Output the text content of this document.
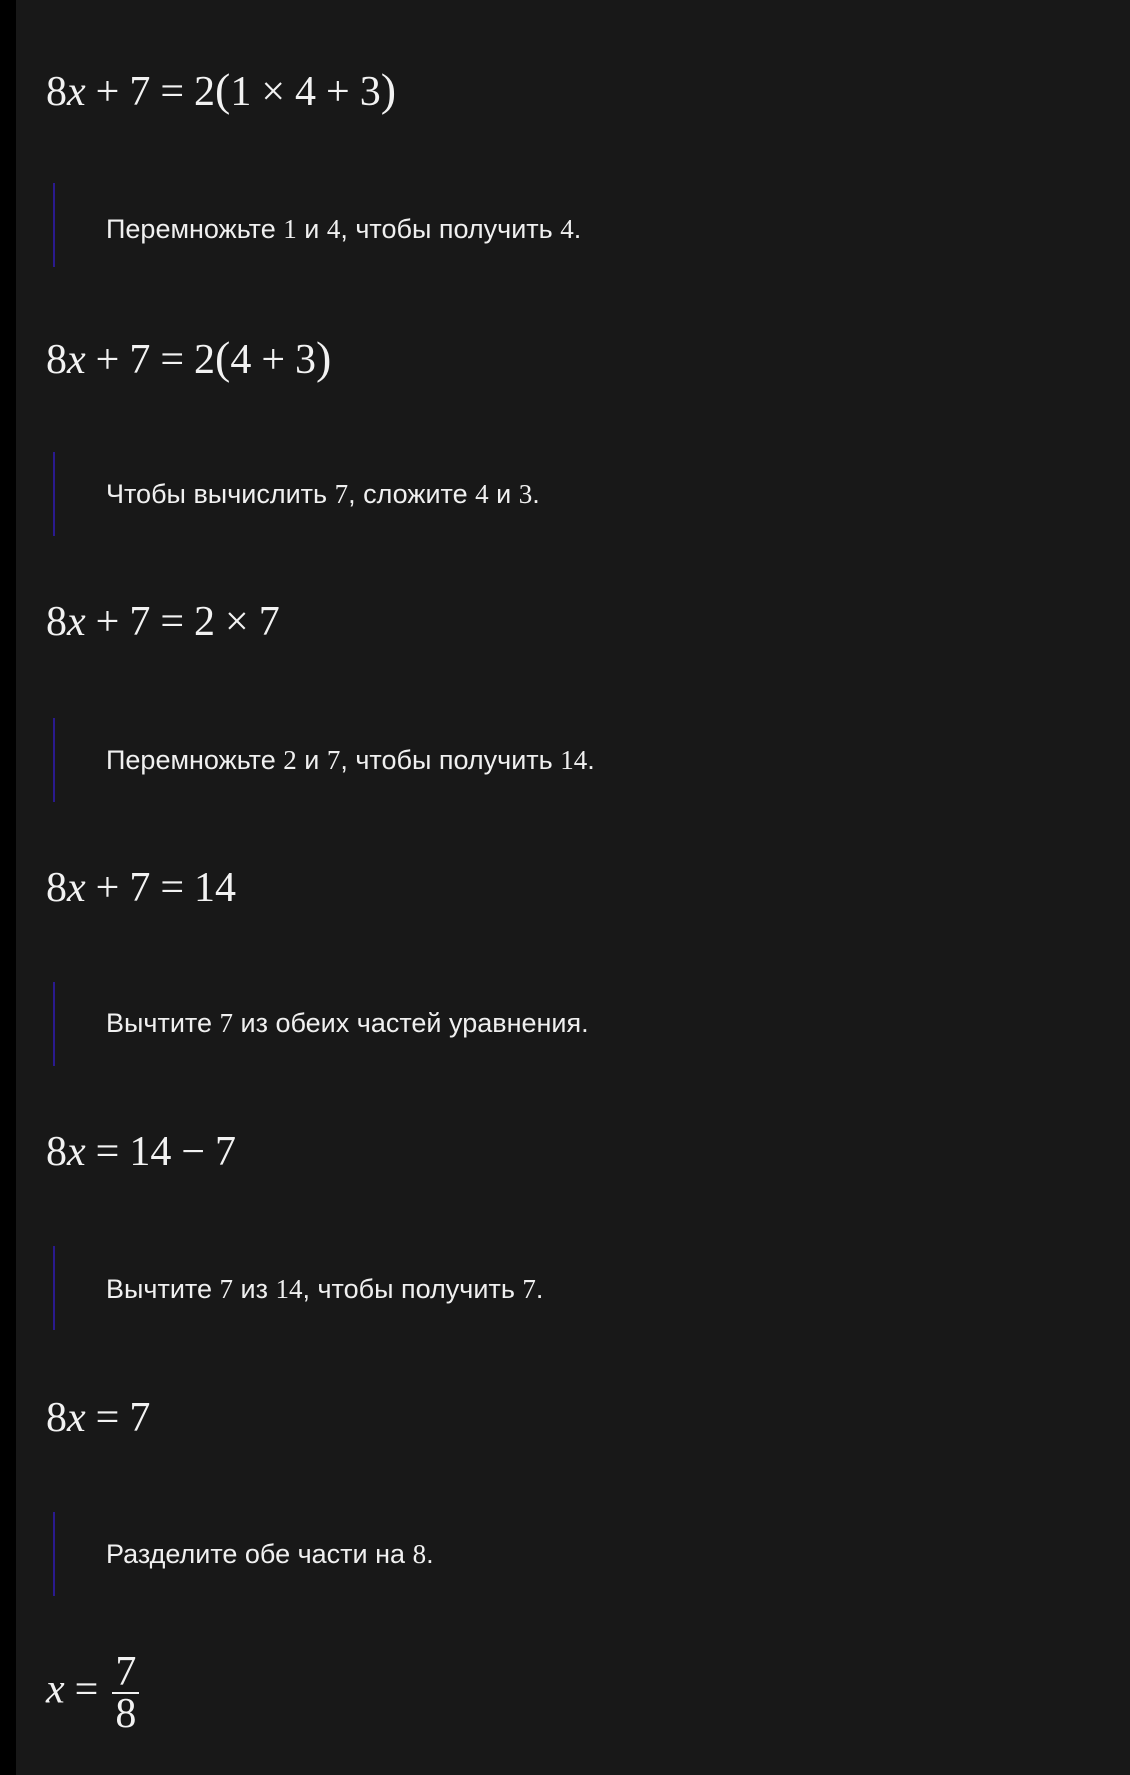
8x + 7 = 2(1 × 4 + 3)
Перемножьте 1 и 4, чтобы получить 4.
8x + 7 = 2(4 + 3)
Чтобы вычислить 7, сложите 4 и 3.
8x + 7 = 2 × 7
Перемножьте 2 и 7, чтобы получить 14.
8x + 7 = 14
Вычтите 7 из обеих частей уравнения.
8x = 14 − 7
Вычтите 7 из 14, чтобы получить 7.
8x = 7
Разделите обе части на 8.
$x = \frac{7}{8}$
